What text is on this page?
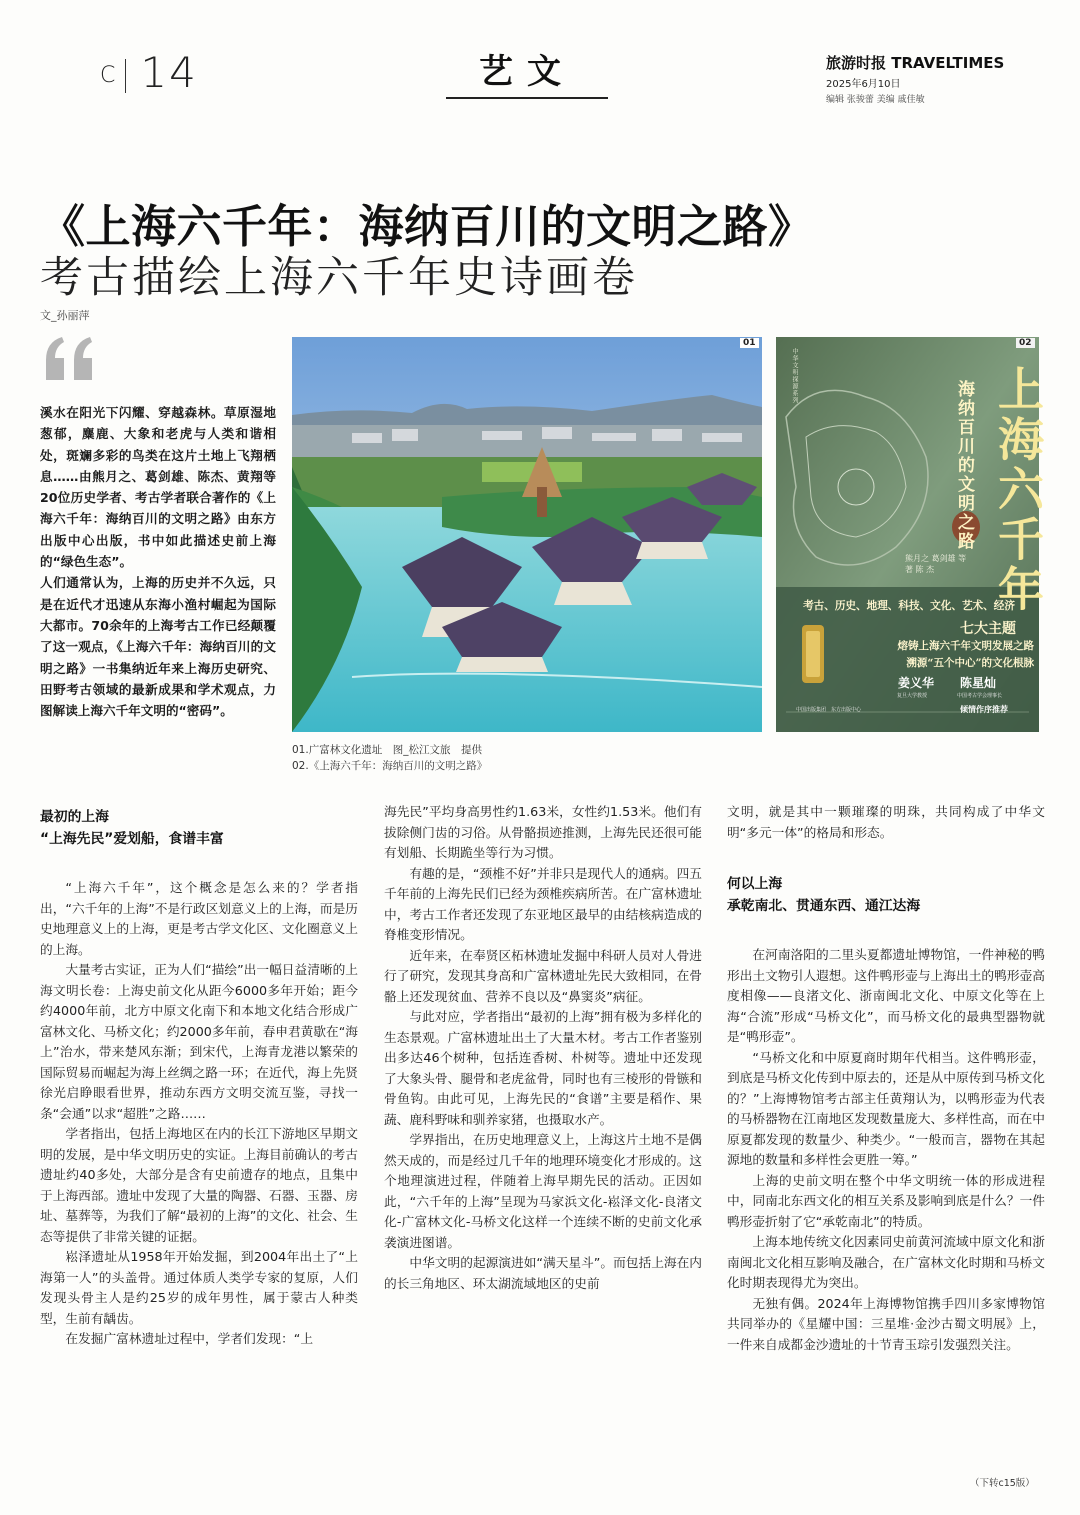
C 14	艺文	旅游时报 TRAVELTIMES
2025年6月10日
编辑 张骏蕾 美编 戚佳敏
《上海六千年：海纳百川的文明之路》
考古描绘上海六千年史诗画卷
文_孙丽萍

溪水在阳光下闪耀、穿越森林。草原湿地葱郁，麋鹿、大象和老虎与人类和谐相处，斑斓多彩的鸟类在这片土地上飞翔栖息……由熊月之、葛剑雄、陈杰、黄翔等20位历史学者、考古学者联合著作的《上海六千年：海纳百川的文明之路》由东方出版中心出版，书中如此描述史前上海的“绿色生态”。

人们通常认为，上海的历史并不久远，只是在近代才迅速从东海小渔村崛起为国际大都市。70余年的上海考古工作已经颠覆了这一观点，《上海六千年：海纳百川的文明之路》一书集纳近年来上海历史研究、田野考古领域的最新成果和学术观点，力图解读上海六千年文明的“密码”。

01
中华文明探源系列	上海六千年
海纳百川的文明之路
熊月之 葛剑雄 等 著 陈 杰
考古、历史、地理、科技、文化、艺术、经济
七大主题
熔铸上海六千年文明发展之路
溯源“五个中心”的文化根脉
姜义华 陈星灿
复旦大学教授	中国考古学会理事长
中国出版集团　东方出版中心	倾情作序推荐
02
01.广富林文化遗址　图_松江文旅　提供
02.《上海六千年：海纳百川的文明之路》
最初的上海
“上海先民”爱划船，食谱丰富

“上海六千年”，这个概念是怎么来的？学者指出，“六千年的上海”不是行政区划意义上的上海，而是历史地理意义上的上海，更是考古学文化区、文化圈意义上的上海。

大量考古实证，正为人们“描绘”出一幅日益清晰的上海文明长卷：上海史前文化从距今6000多年开始；距今约4000年前，北方中原文化南下和本地文化结合形成广富林文化、马桥文化；约2000多年前，春申君黄歇在“海上”治水，带来楚风东渐；到宋代，上海青龙港以繁荣的国际贸易而崛起为海上丝绸之路一环；在近代，海上先贤徐光启睁眼看世界，推动东西方文明交流互鉴，寻找一条“会通”以求“超胜”之路……

学者指出，包括上海地区在内的长江下游地区早期文明的发展，是中华文明历史的实证。上海目前确认的考古遗址约40多处，大部分是含有史前遗存的地点，且集中于上海西部。遗址中发现了大量的陶器、石器、玉器、房址、墓葬等，为我们了解“最初的上海”的文化、社会、生态等提供了非常关键的证据。

崧泽遗址从1958年开始发掘，到2004年出土了“上海第一人”的头盖骨。通过体质人类学专家的复原，人们发现头骨主人是约25岁的成年男性，属于蒙古人种类型，生前有龋齿。

在发掘广富林遗址过程中，学者们发现：“上

海先民”平均身高男性约1.63米，女性约1.53米。他们有拔除侧门齿的习俗。从骨骼损迹推测，上海先民还很可能有划船、长期跪坐等行为习惯。

有趣的是，“颈椎不好”并非只是现代人的通病。四五千年前的上海先民们已经为颈椎疾病所苦。在广富林遗址中，考古工作者还发现了东亚地区最早的由结核病造成的脊椎变形情况。

近年来，在奉贤区柘林遗址发掘中科研人员对人骨进行了研究，发现其身高和广富林遗址先民大致相同，在骨骼上还发现贫血、营养不良以及“鼻窦炎”病征。

与此对应，学者指出“最初的上海”拥有极为多样化的生态景观。广富林遗址出土了大量木材。考古工作者鉴别出多达46个树种，包括连香树、朴树等。遗址中还发现了大象头骨、腿骨和老虎盆骨，同时也有三棱形的骨镞和骨鱼钩。由此可见，上海先民的“食谱”主要是稻作、果蔬、鹿科野味和驯养家猪，也摄取水产。

学界指出，在历史地理意义上，上海这片土地不是偶然天成的，而是经过几千年的地理环境变化才形成的。这个地理演进过程，伴随着上海早期先民的活动。正因如此，“六千年的上海”呈现为马家浜文化-崧泽文化-良渚文化-广富林文化-马桥文化这样一个连续不断的史前文化承袭演进图谱。

中华文明的起源演进如“满天星斗”。而包括上海在内的长三角地区、环太湖流域地区的史前

文明，就是其中一颗璀璨的明珠，共同构成了中华文明“多元一体”的格局和形态。

何以上海
承乾南北、贯通东西、通江达海

在河南洛阳的二里头夏都遗址博物馆，一件神秘的鸭形出土文物引人遐想。这件鸭形壶与上海出土的鸭形壶高度相像——良渚文化、浙南闽北文化、中原文化等在上海“合流”形成“马桥文化”，而马桥文化的最典型器物就是“鸭形壶”。

“马桥文化和中原夏商时期年代相当。这件鸭形壶，到底是马桥文化传到中原去的，还是从中原传到马桥文化的？”上海博物馆考古部主任黄翔认为，以鸭形壶为代表的马桥器物在江南地区发现数量庞大、多样性高，而在中原夏都发现的数量少、种类少。“一般而言，器物在其起源地的数量和多样性会更胜一筹。”

上海的史前文明在整个中华文明统一体的形成进程中，同南北东西文化的相互关系及影响到底是什么？一件鸭形壶折射了它“承乾南北”的特质。

上海本地传统文化因素同史前黄河流域中原文化和浙南闽北文化相互影响及融合，在广富林文化时期和马桥文化时期表现得尤为突出。

无独有偶。2024年上海博物馆携手四川多家博物馆共同举办的《星耀中国：三星堆·金沙古蜀文明展》上，一件来自成都金沙遗址的十节青玉琮引发强烈关注。

（下转c15版）
